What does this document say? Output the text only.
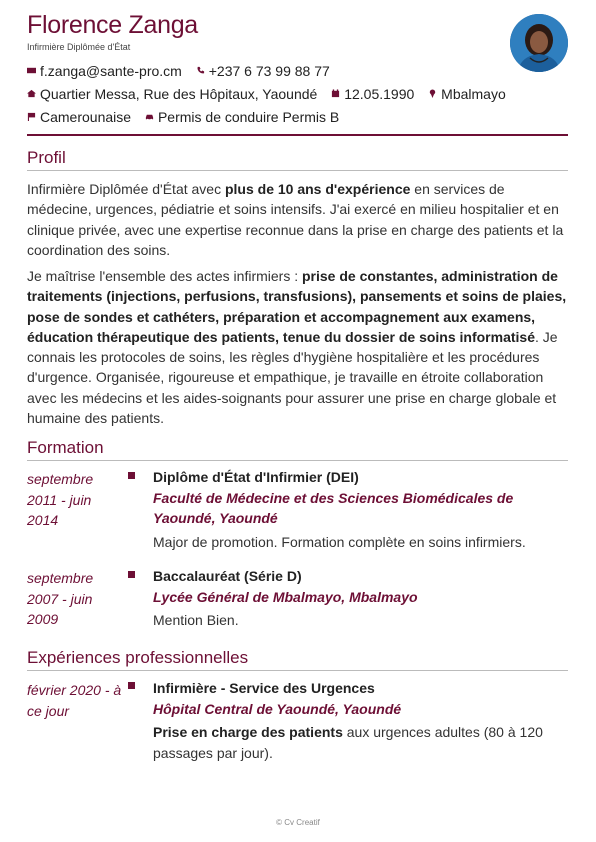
Florence Zanga
Infirmière Diplômée d'État
f.zanga@sante-pro.cm
+237 6 73 99 88 77
Quartier Messa, Rue des Hôpitaux, Yaoundé
12.05.1990
Mbalmayo
Camerounaise
Permis de conduire Permis B
Profil

Infirmière Diplômée d'État avec plus de 10 ans d'expérience en services de médecine, urgences, pédiatrie et soins intensifs. J'ai exercé en milieu hospitalier et en clinique privée, avec une expertise reconnue dans la prise en charge des patients et la coordination des soins.

Je maîtrise l'ensemble des actes infirmiers : prise de constantes, administration de traitements (injections, perfusions, transfusions), pansements et soins de plaies, pose de sondes et cathéters, préparation et accompagnement aux examens, éducation thérapeutique des patients, tenue du dossier de soins informatisé. Je connais les protocoles de soins, les règles d'hygiène hospitalière et les procédures d'urgence. Organisée, rigoureuse et empathique, je travaille en étroite collaboration avec les médecins et les aides-soignants pour assurer une prise en charge globale et humaine des patients.

Formation
septembre 2011 - juin 2014
Diplôme d'État d'Infirmier (DEI)
Faculté de Médecine et des Sciences Biomédicales de Yaoundé, Yaoundé
Major de promotion. Formation complète en soins infirmiers.
septembre 2007 - juin 2009
Baccalauréat (Série D)
Lycée Général de Mbalmayo, Mbalmayo
Mention Bien.
Expériences professionnelles
février 2020 - à ce jour
Infirmière - Service des Urgences
Hôpital Central de Yaoundé, Yaoundé
Prise en charge des patients aux urgences adultes (80 à 120 passages par jour).
© Cv Creatif
